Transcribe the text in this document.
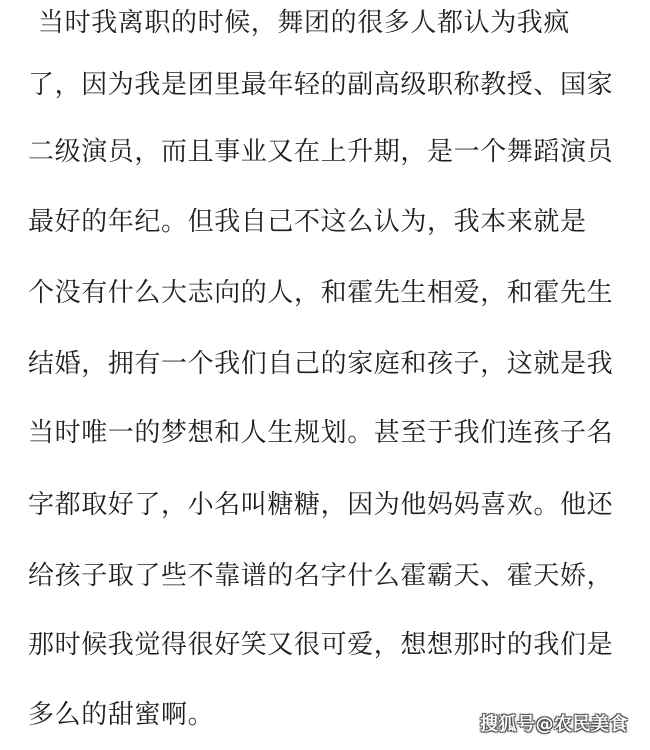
当时我离职的时候，舞团的很多人都认为我疯
了，因为我是团里最年轻的副高级职称教授、国家
二级演员，而且事业又在上升期，是一个舞蹈演员
最好的年纪。但我自己不这么认为，我本来就是
个没有什么大志向的人，和霍先生相爱，和霍先生
结婚，拥有一个我们自己的家庭和孩子，这就是我
当时唯一的梦想和人生规划。甚至于我们连孩子名
字都取好了，小名叫糖糖，因为他妈妈喜欢。他还
给孩子取了些不靠谱的名字什么霍霸天、霍天娇，
那时候我觉得很好笑又很可爱，想想那时的我们是
多么的甜蜜啊。	搜狐号@农民美食
